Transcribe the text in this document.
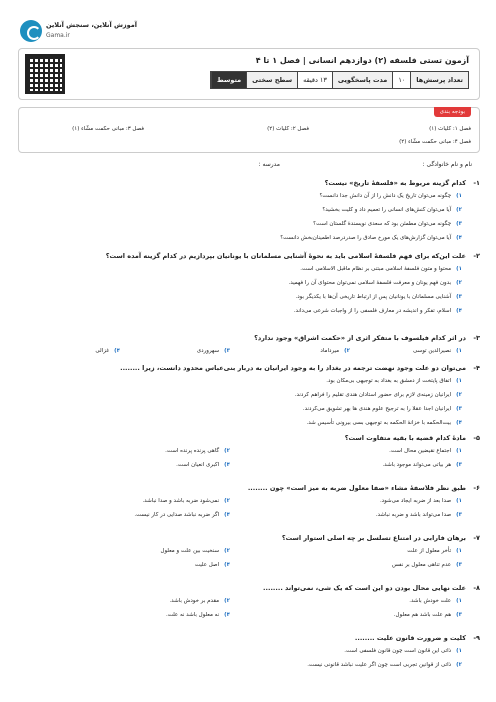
آموزش آنلاین، سنجش آنلاین
Gama.ir
آزمون تستی فلسفه (۲) دوازدهم انسانی | فصل ۱ تا ۴
تعداد پرسش‌ها
۱۰
مدت پاسخگویی
۱۳ دقیقه
سطح سختی
متوسط
بودجه بندی
فصل ۱: کلیات (۱)
فصل ۲: کلیات (۲)
فصل ۳: مبانی حکمت مشّاء (۱)
فصل ۴: مبانی حکمت مشّاء (۲)
نام و نام خانوادگی :
مدرسه :
۱-
کدام گزینه مربوط به «فلسفهٔ تاریخ» نیست؟
۱)چگونه می‌توان تاریخ یک دانش را از آن دانش جدا دانست؟
۲)آیا می‌توان کنش‌های انسانی را تعمیم داد و کلیت بخشید؟
۳)چگونه می‌توان مطمئن بود که سعدی نویسندهٔ گلستان است؟
۴)آیا می‌توان گزارش‌های یک مورخ صادق را صدردرصد اطمینان‌بخش دانست؟
۲-
علت این‌که برای فهم فلسفهٔ اسلامی باید به نحوهٔ آشنایی مسلمانان با یونانیان بپردازیم در کدام گزینه آمده است؟
۱)محتوا و متون فلسفهٔ اسلامی مبتنی بر نظام ماقبل الاسلامی است.
۲)بدون فهم یونان و معرفت فلسفهٔ اسلامی نمی‌توان محتوای آن را فهمید.
۳)آشنایی مسلمانان با یونانیان پس از ارتباط تاریخی آن‌ها با یکدیگر بود.
۴)اسلام، تفکر و اندیشه در معارف فلسفی را از واجبات شرعی می‌داند.
۳-
در اثر کدام فیلسوف با متفکر اثری از «حکمت اشراق» وجود ندارد؟
۱)نصیرالدین توسی
۲)میرداماد
۳)سهروردی
۴)غزالی
۴-
می‌توان دو علت وجود نهضت ترجمه در بغداد را به وجود ایرانیان به دربار بنی‌عباس محدود دانست، زیرا ........
۱)اتفاق پایتخت از دمشق به بغداد به توجیهی بی‌مکان بود.
۲)ایرانیان زمینه‌ی لازم برای حضور استادان هندی تقلیم را فراهم کردند.
۳)ایرانیان اجدا عقلا را به ترجیح علوم هندی ها بهر تشویق می‌کردند.
۴)بیت‌الحکمه با خزانهٔ الحکمه به توجیهی بسی بیرونی تأسیس شد.
۵-
مادهٔ کدام قضیه با بقیه متفاوت است؟
۱)اجتماع نقیضین محال است.
۲)گاهی پرنده پرنده است.
۳)هر بیاتی می‌تواند موجود باشد.
۴)اکبری انعیان است.
۶-
طبق نظر فلاسفهٔ مشاء «صفا معلول ضربه به میز است» چون ........
۱)صدا بعد از ضربه ایجاد می‌شود.
۲)نمی‌شود ضربه باشد و صدا نباشد.
۳)صدا می‌تواند باشد و ضربه نباشد.
۴)اگر ضربه نباشد صدایی در کار نیست.
۷-
برهان فارابی در امتناع تسلسل بر چه اصلی استوار است؟
۱)تأخر معلول از علت
۲)سنخیت بین علت و معلول
۳)عدم تناهی معلول بر نفس
۴)اصل علیت
۸-
علت نهایی محال بودن دو این است که یک شی، نمی‌تواند ........
۱)علت خودش باشد.
۲)مقدم بر خودش باشد.
۳)هم علت باشد هم معلول.
۴)نه معلول باشد نه علت.
۹-
کلیت و ضرورت قانون علیت ........
۱)ذاتی این قانون است چون قانون فلسفی است.
۲)ذاتی از قوانین تجربی است چون اگر علیت نباشد قانونی نیست.
